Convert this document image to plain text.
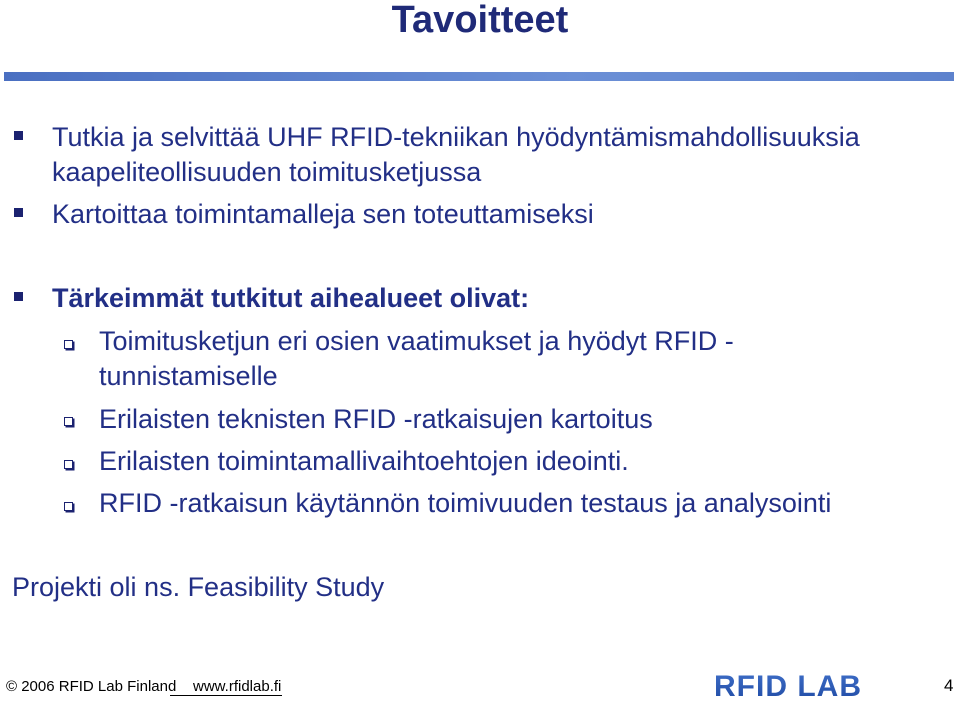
Tavoitteet
Tutkia ja selvittää UHF RFID-tekniikan hyödyntämismahdollisuuksia
kaapeliteollisuuden toimitusketjussa
Kartoittaa toimintamalleja sen toteuttamiseksi
Tärkeimmät tutkitut aihealueet olivat:
Toimitusketjun eri osien vaatimukset ja hyödyt RFID -
tunnistamiselle
Erilaisten teknisten RFID -ratkaisujen kartoitus
Erilaisten toimintamallivaihtoehtojen ideointi.
RFID -ratkaisun käytännön toimivuuden testaus ja analysointi
Projekti oli ns. Feasibility Study
© 2006 RFID Lab Finland www.rfidlab.fi	RFID LAB	4
